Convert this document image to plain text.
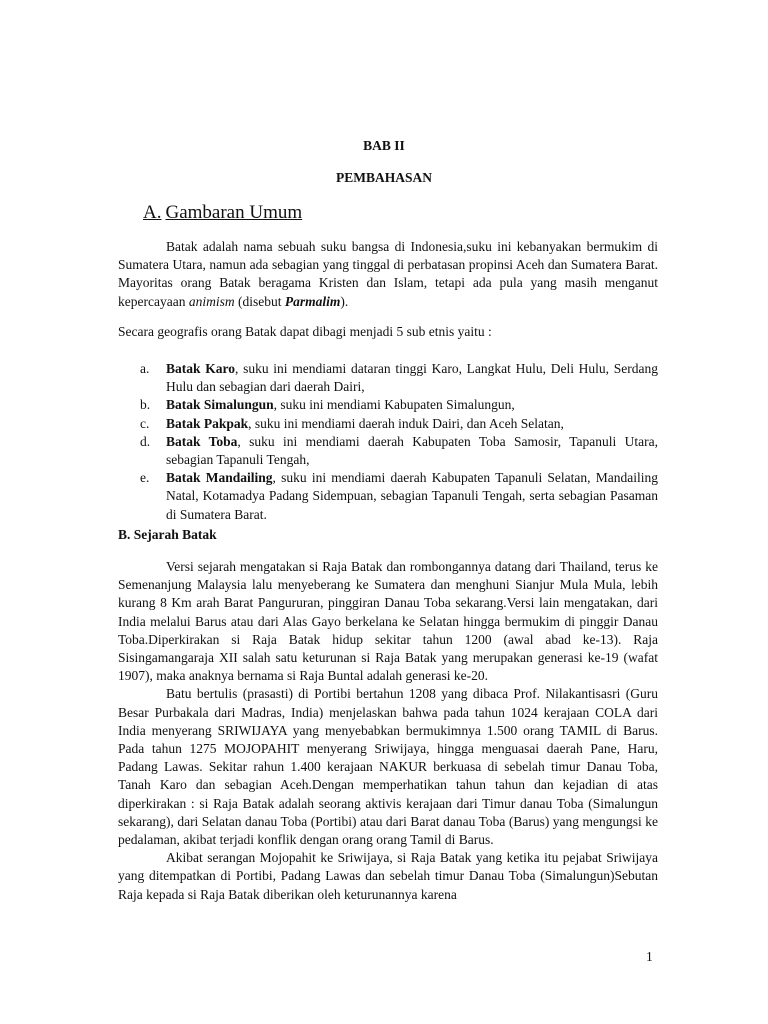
BAB II
PEMBAHASAN
A. Gambaran Umum

Batak adalah nama sebuah suku bangsa di Indonesia,suku ini kebanyakan bermukim di Sumatera Utara, namun ada sebagian yang tinggal di perbatasan propinsi Aceh dan Sumatera Barat. Mayoritas orang Batak beragama Kristen dan Islam, tetapi ada pula yang masih menganut kepercayaan animism (disebut Parmalim).

Secara geografis orang Batak dapat dibagi menjadi 5 sub etnis yaitu :

a. Batak Karo, suku ini mendiami dataran tinggi Karo, Langkat Hulu, Deli Hulu, Serdang Hulu dan sebagian dari daerah Dairi,
b. Batak Simalungun, suku ini mendiami Kabupaten Simalungun,
c. Batak Pakpak, suku ini mendiami daerah induk Dairi, dan Aceh Selatan,
d. Batak Toba, suku ini mendiami daerah Kabupaten Toba Samosir, Tapanuli Utara, sebagian Tapanuli Tengah,
e. Batak Mandailing, suku ini mendiami daerah Kabupaten Tapanuli Selatan, Mandailing Natal, Kotamadya Padang Sidempuan, sebagian Tapanuli Tengah, serta sebagian Pasaman di Sumatera Barat.
B. Sejarah Batak

Versi sejarah mengatakan si Raja Batak dan rombongannya datang dari Thailand, terus ke Semenanjung Malaysia lalu menyeberang ke Sumatera dan menghuni Sianjur Mula Mula, lebih kurang 8 Km arah Barat Pangururan, pinggiran Danau Toba sekarang.Versi lain mengatakan, dari India melalui Barus atau dari Alas Gayo berkelana ke Selatan hingga bermukim di pinggir Danau Toba.Diperkirakan si Raja Batak hidup sekitar tahun 1200 (awal abad ke-13). Raja Sisingamangaraja XII salah satu keturunan si Raja Batak yang merupakan generasi ke-19 (wafat 1907), maka anaknya bernama si Raja Buntal adalah generasi ke-20.

Batu bertulis (prasasti) di Portibi bertahun 1208 yang dibaca Prof. Nilakantisasri (Guru Besar Purbakala dari Madras, India) menjelaskan bahwa pada tahun 1024 kerajaan COLA dari India menyerang SRIWIJAYA yang menyebabkan bermukimnya 1.500 orang TAMIL di Barus. Pada tahun 1275 MOJOPAHIT menyerang Sriwijaya, hingga menguasai daerah Pane, Haru, Padang Lawas. Sekitar rahun 1.400 kerajaan NAKUR berkuasa di sebelah timur Danau Toba, Tanah Karo dan sebagian Aceh.Dengan memperhatikan tahun tahun dan kejadian di atas diperkirakan : si Raja Batak adalah seorang aktivis kerajaan dari Timur danau Toba (Simalungun sekarang), dari Selatan danau Toba (Portibi) atau dari Barat danau Toba (Barus) yang mengungsi ke pedalaman, akibat terjadi konflik dengan orang orang Tamil di Barus.

Akibat serangan Mojopahit ke Sriwijaya, si Raja Batak yang ketika itu pejabat Sriwijaya yang ditempatkan di Portibi, Padang Lawas dan sebelah timur Danau Toba (Simalungun)Sebutan Raja kepada si Raja Batak diberikan oleh keturunannya karena

1
